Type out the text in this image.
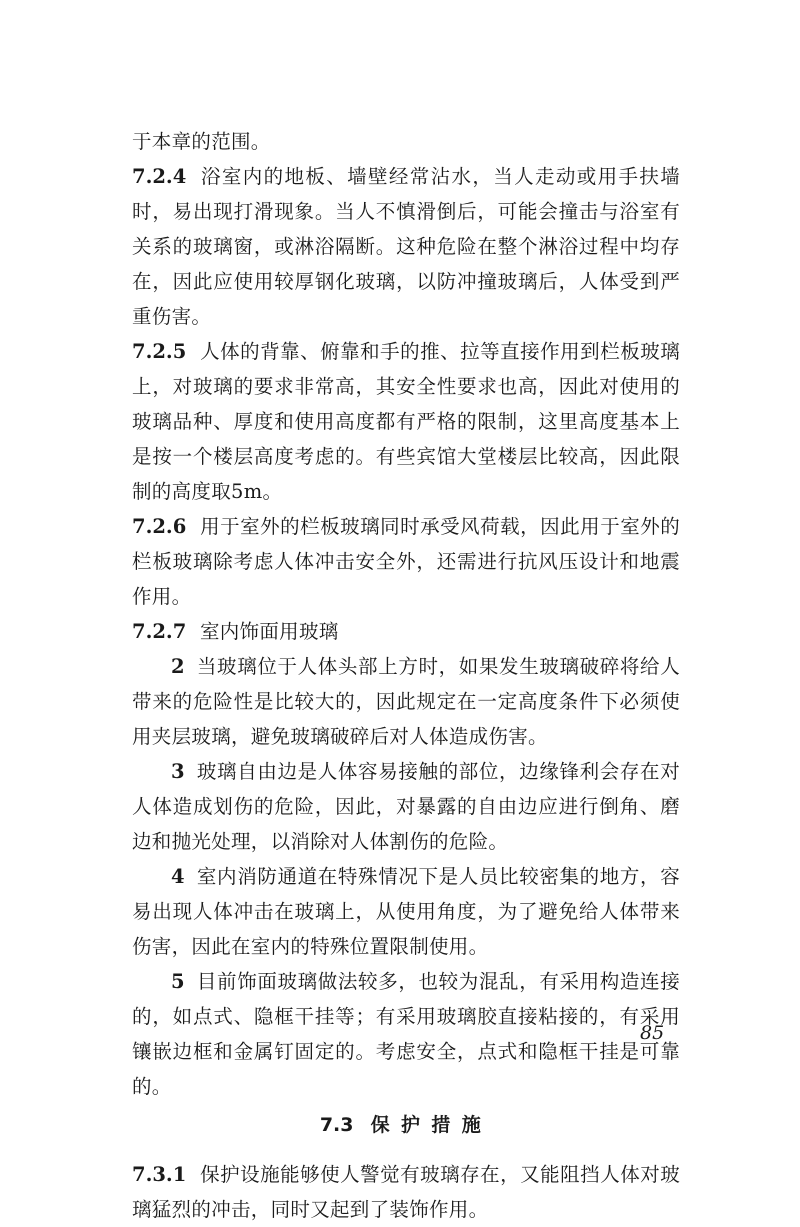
于本章的范围。

7.2.4 浴室内的地板、墙壁经常沾水，当人走动或用手扶墙时，易出现打滑现象。当人不慎滑倒后，可能会撞击与浴室有关系的玻璃窗，或淋浴隔断。这种危险在整个淋浴过程中均存在，因此应使用较厚钢化玻璃，以防冲撞玻璃后，人体受到严重伤害。

7.2.5 人体的背靠、俯靠和手的推、拉等直接作用到栏板玻璃上，对玻璃的要求非常高，其安全性要求也高，因此对使用的玻璃品种、厚度和使用高度都有严格的限制，这里高度基本上是按一个楼层高度考虑的。有些宾馆大堂楼层比较高，因此限制的高度取5m。

7.2.6 用于室外的栏板玻璃同时承受风荷载，因此用于室外的栏板玻璃除考虑人体冲击安全外，还需进行抗风压设计和地震作用。

7.2.7 室内饰面用玻璃

2 当玻璃位于人体头部上方时，如果发生玻璃破碎将给人带来的危险性是比较大的，因此规定在一定高度条件下必须使用夹层玻璃，避免玻璃破碎后对人体造成伤害。

3 玻璃自由边是人体容易接触的部位，边缘锋利会存在对人体造成划伤的危险，因此，对暴露的自由边应进行倒角、磨边和抛光处理，以消除对人体割伤的危险。

4 室内消防通道在特殊情况下是人员比较密集的地方，容易出现人体冲击在玻璃上，从使用角度，为了避免给人体带来伤害，因此在室内的特殊位置限制使用。

5 目前饰面玻璃做法较多，也较为混乱，有采用构造连接的，如点式、隐框干挂等；有采用玻璃胶直接粘接的，有采用镶嵌边框和金属钉固定的。考虑安全，点式和隐框干挂是可靠的。

7.3 保护措施

7.3.1 保护设施能够使人警觉有玻璃存在，又能阻挡人体对玻璃猛烈的冲击，同时又起到了装饰作用。

85
